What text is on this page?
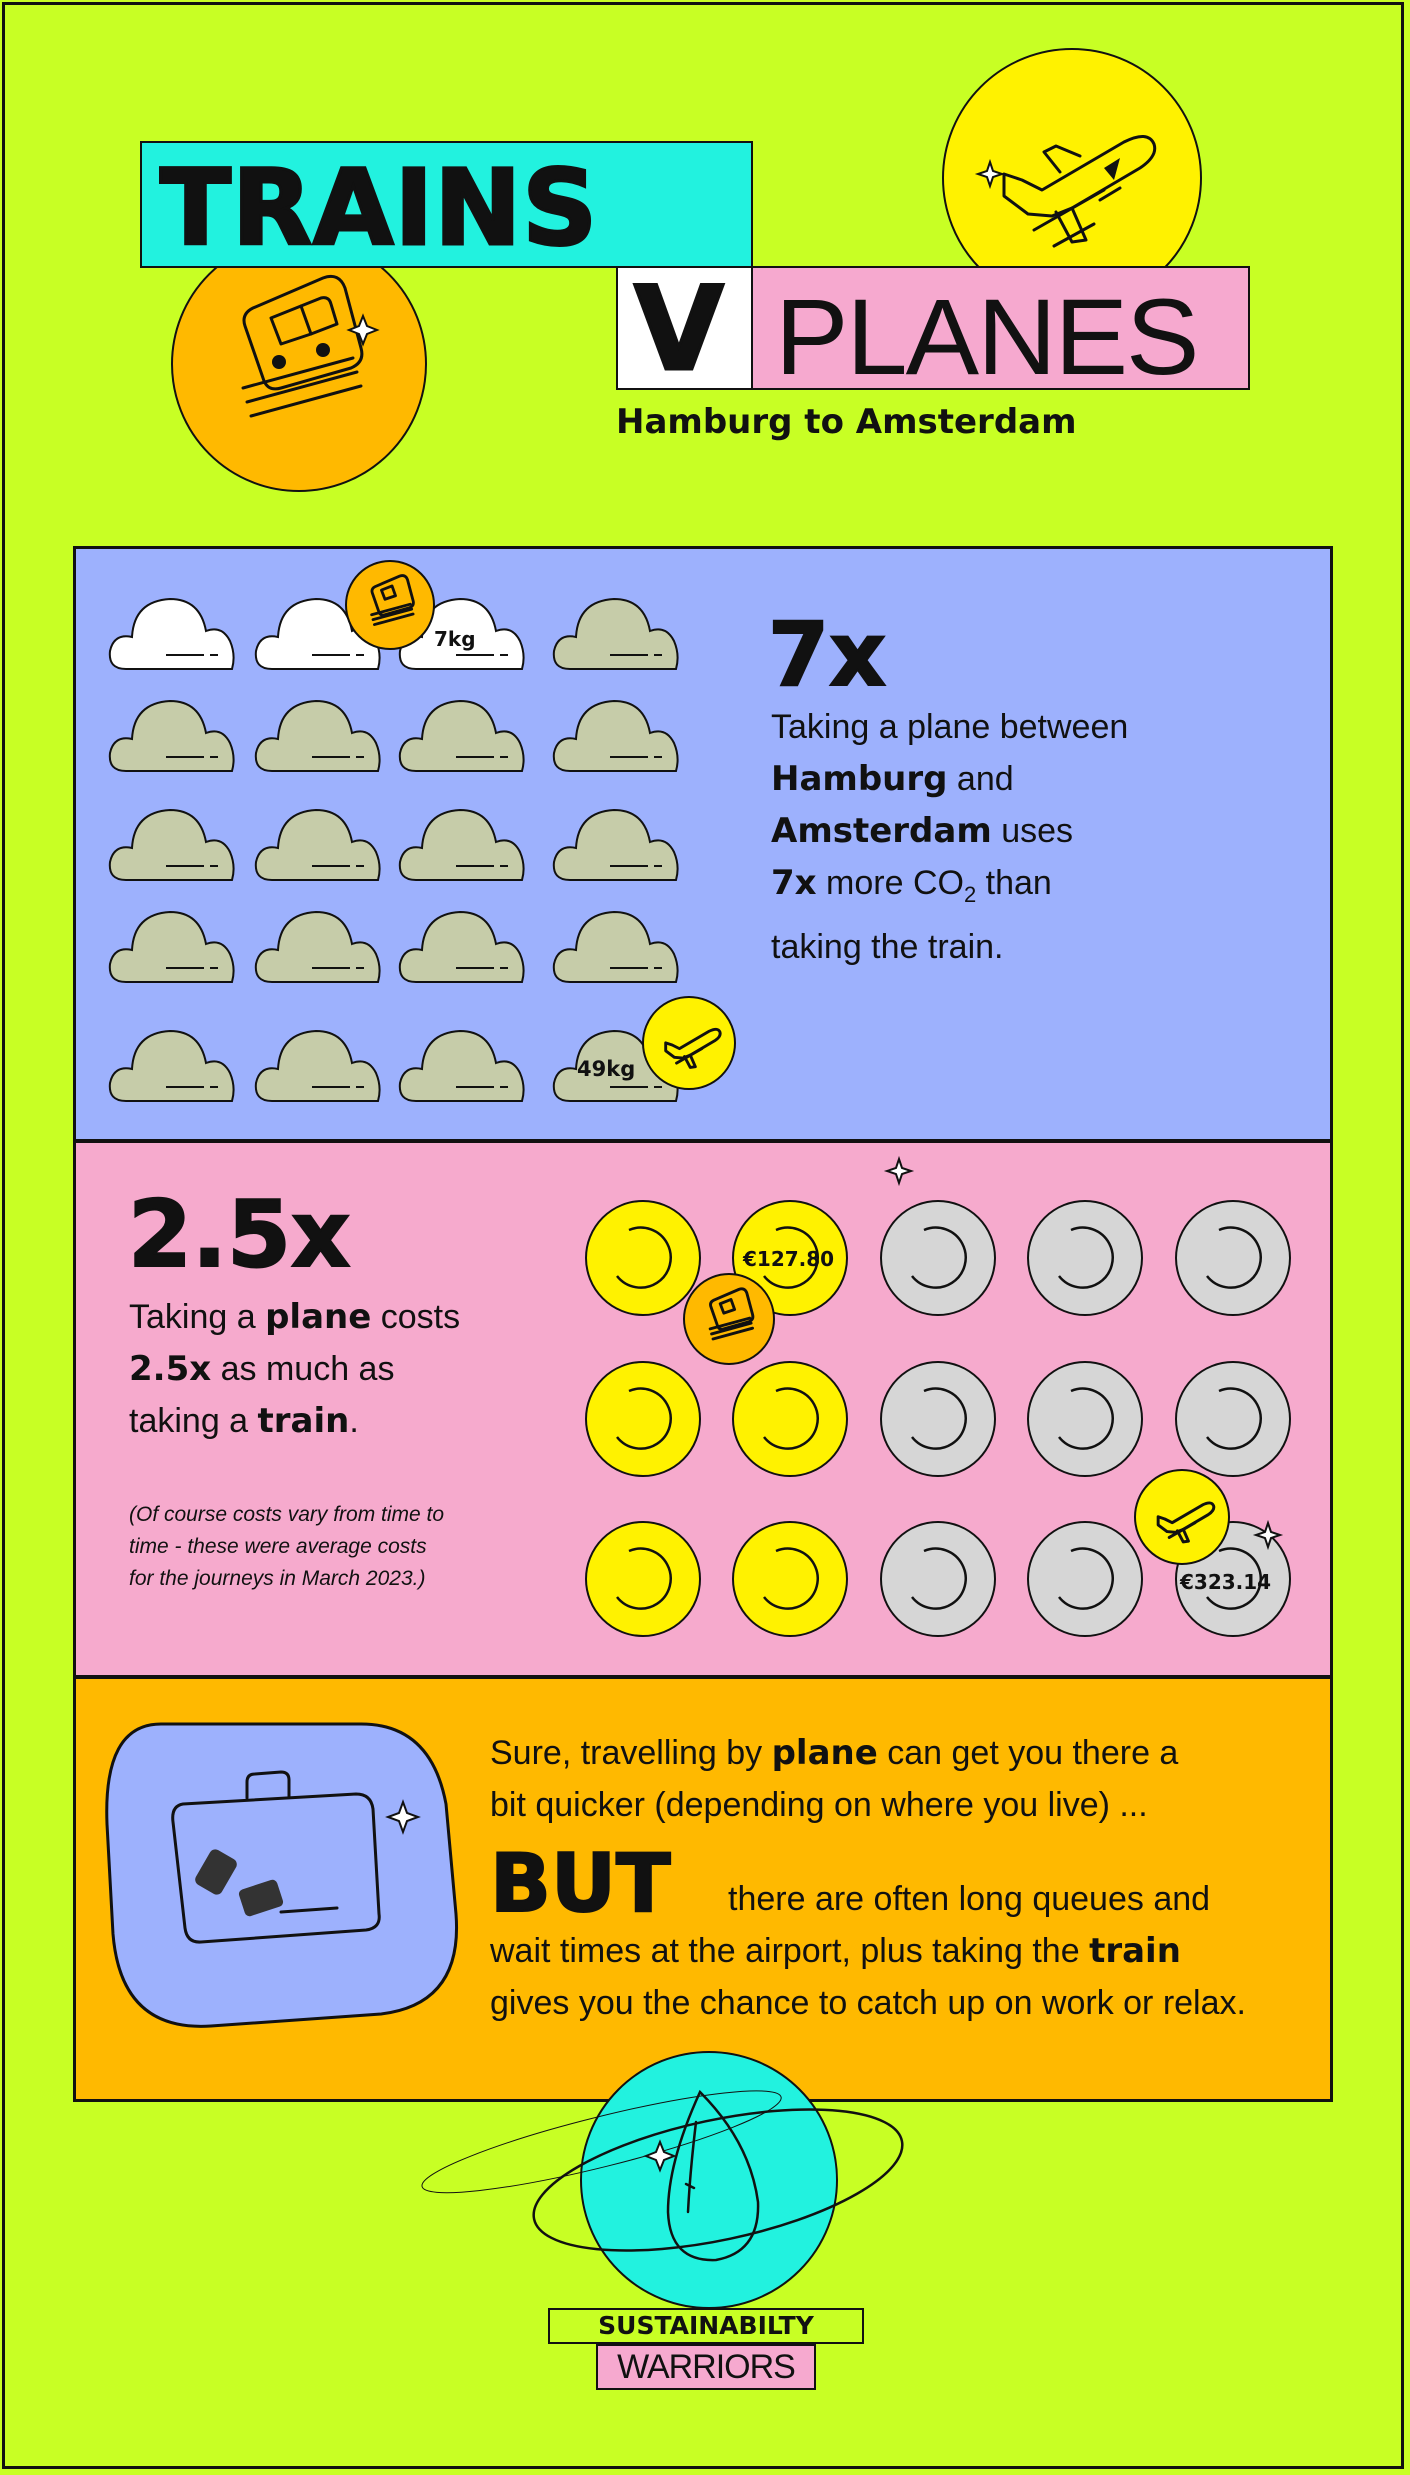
TRAINS
V PLANES
Hamburg to Amsterdam
7kg
49kg
7x
Taking a plane between
Hamburg and
Amsterdam uses
7x more $CO_2$ than
taking the train.
2.5x
Taking a plane costs
2.5x as much as
taking a train.
(Of course costs vary from time to
time - these were average costs
for the journeys in March 2023.)
€127.80
€323.14
Sure, travelling by plane can get you there a
bit quicker (depending on where you live) ...
BUT	there are often long queues and
wait times at the airport, plus taking the train
gives you the chance to catch up on work or relax.
SUSTAINABILTY
WARRIORS
